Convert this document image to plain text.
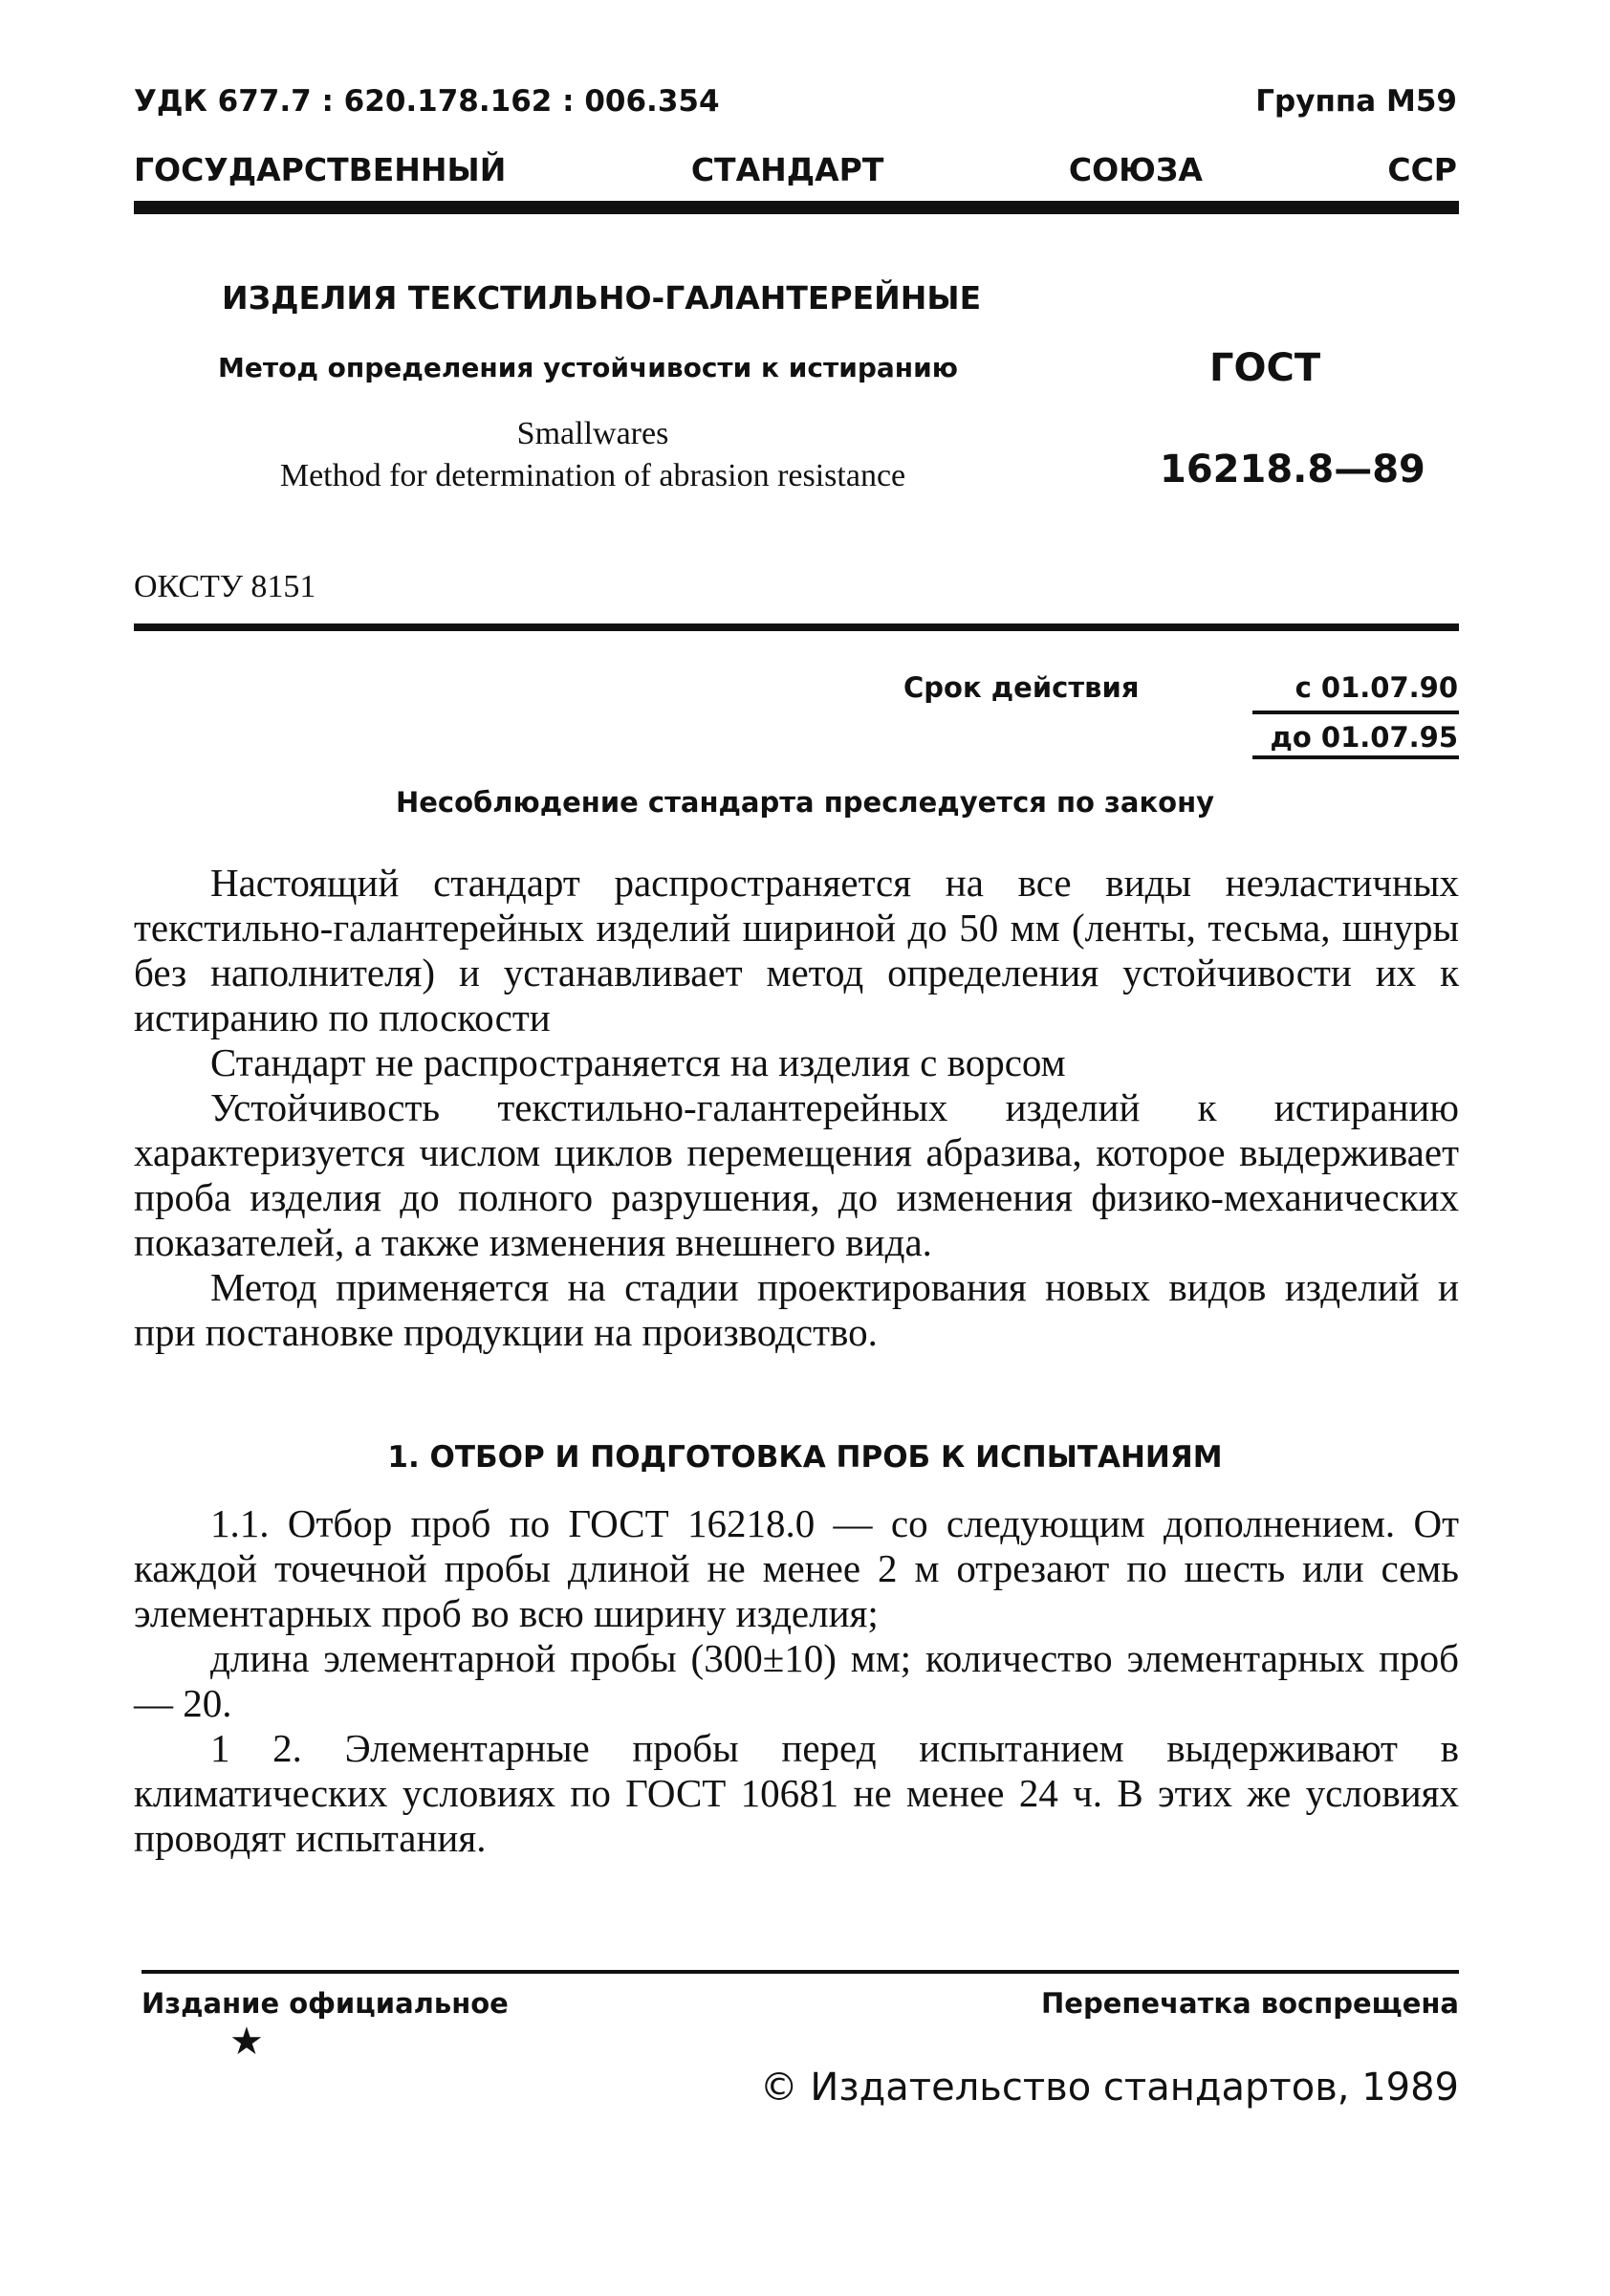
УДК 677.7 : 620.178.162 : 006.354	Группа М59
ГОСУДАРСТВЕННЫЙ СТАНДАРТ СОЮЗА ССР
ИЗДЕЛИЯ ТЕКСТИЛЬНО-ГАЛАНТЕРЕЙНЫЕ
Метод определения устойчивости к истиранию
Smallwares
Method for determination of abrasion resistance
ГОСТ
16218.8—89
ОКСТУ 8151
Срок действия	с 01.07.90
до 01.07.95
Несоблюдение стандарта преследуется по закону

Настоящий стандарт распространяется на все виды неэластичных текстильно-галантерейных изделий шириной до 50 мм (ленты, тесьма, шнуры без наполнителя) и устанавливает метод определения устойчивости их к истиранию по плоскости

Стандарт не распространяется на изделия с ворсом

Устойчивость текстильно-галантерейных изделий к истиранию характеризуется числом циклов перемещения абразива, которое выдерживает проба изделия до полного разрушения, до изменения физико-механических показателей, а также изменения внешнего вида.

Метод применяется на стадии проектирования новых видов изделий и при постановке продукции на производство.

1. ОТБОР И ПОДГОТОВКА ПРОБ К ИСПЫТАНИЯМ

1.1. Отбор проб по ГОСТ 16218.0 — со следующим дополнением. От каждой точечной пробы длиной не менее 2 м отрезают по шесть или семь элементарных проб во всю ширину изделия;

длина элементарной пробы (300±10) мм; количество элементарных проб — 20.

1 2. Элементарные пробы перед испытанием выдерживают в климатических условиях по ГОСТ 10681 не менее 24 ч. В этих же условиях проводят испытания.

Издание официальное
★
Перепечатка воспрещена
© Издательство стандартов, 1989
